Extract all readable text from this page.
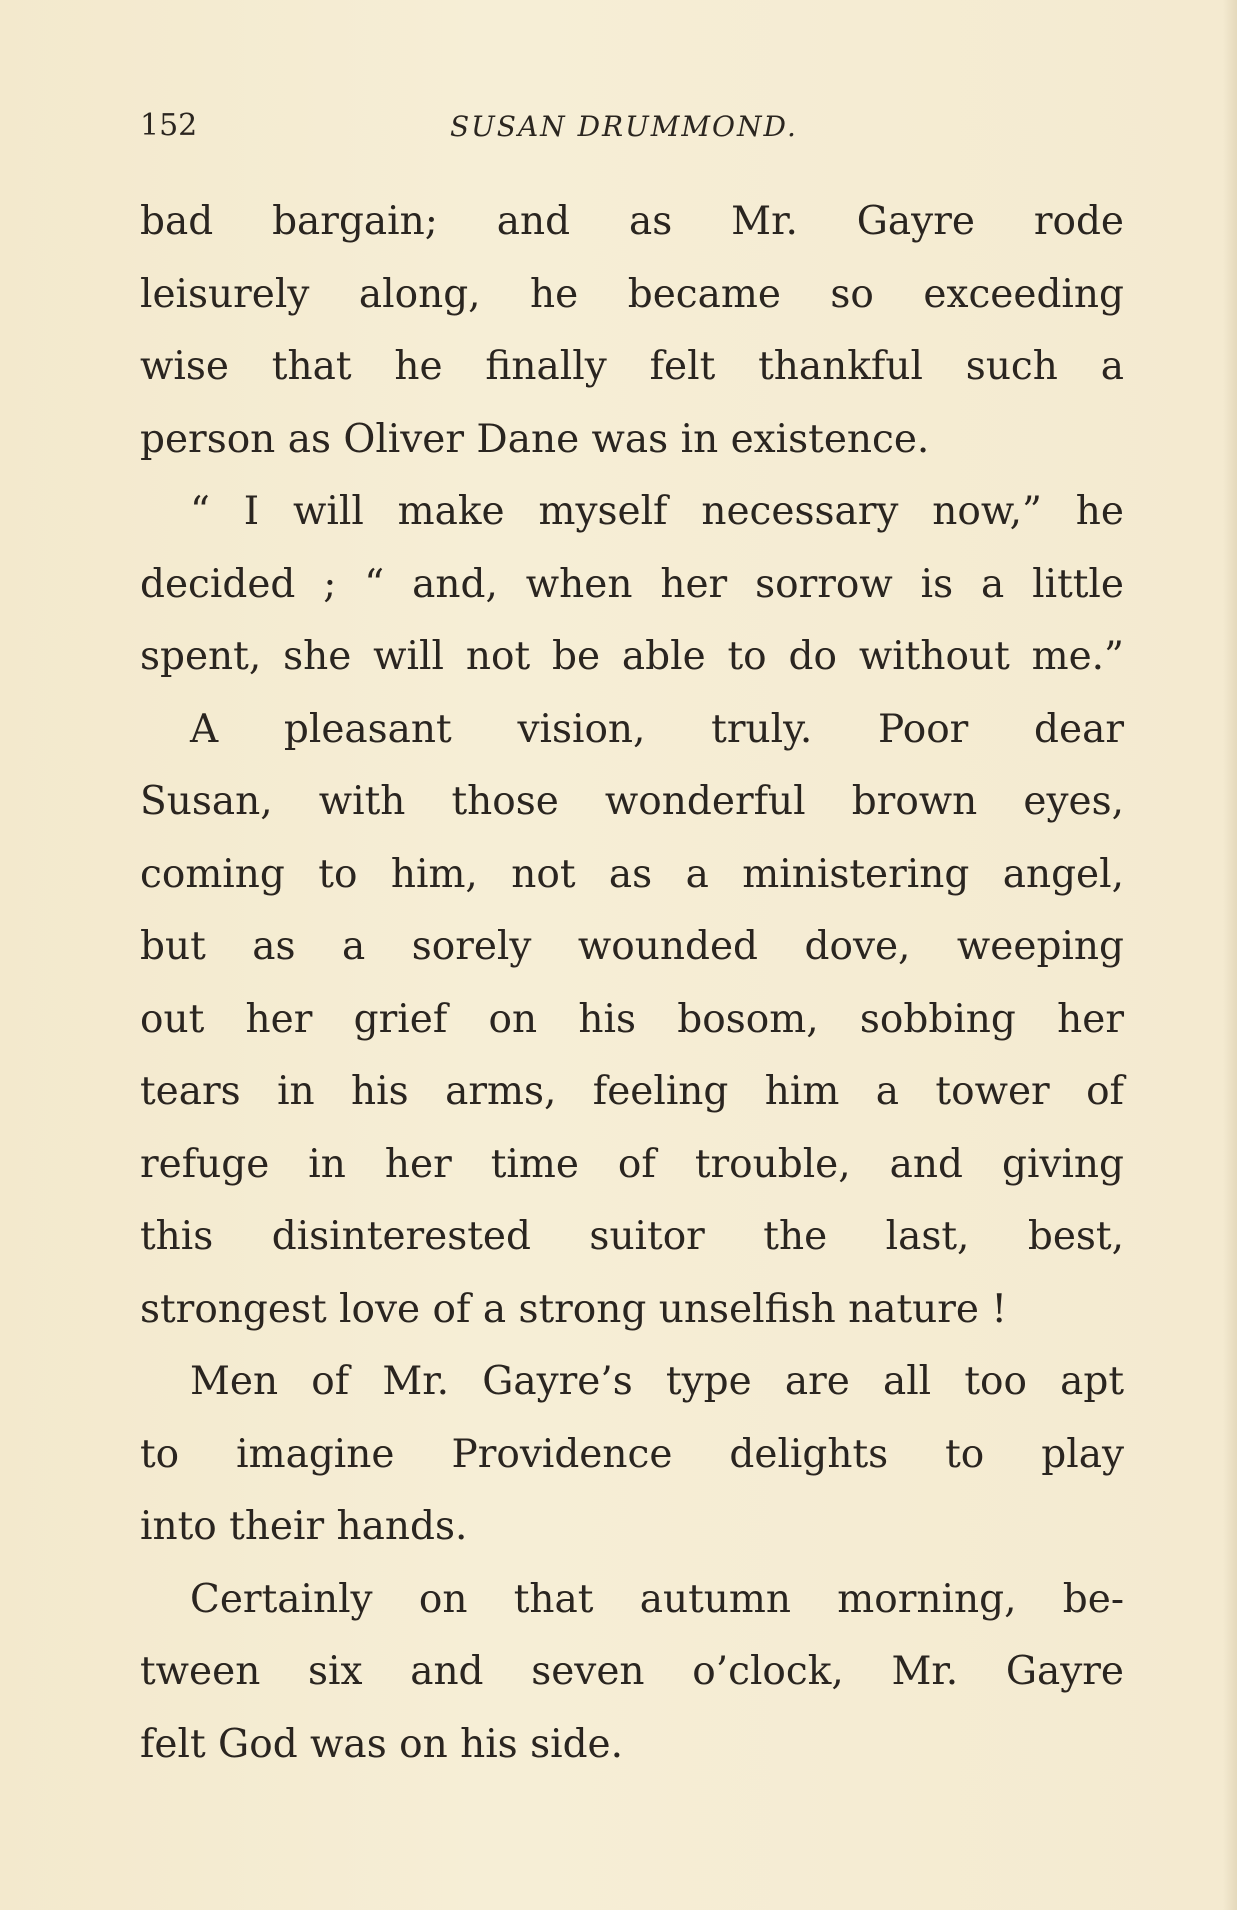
152	SUSAN DRUMMOND.
bad bargain; and as Mr. Gayre rode
leisurely along, he became so exceeding
wise that he finally felt thankful such a
person as Oliver Dane was in existence.
“ I will make myself necessary now,” he
decided ; “ and, when her sorrow is a little
spent, she will not be able to do without me.”
A pleasant vision, truly. Poor dear
Susan, with those wonderful brown eyes,
coming to him, not as a ministering angel,
but as a sorely wounded dove, weeping
out her grief on his bosom, sobbing her
tears in his arms, feeling him a tower of
refuge in her time of trouble, and giving
this disinterested suitor the last, best,
strongest love of a strong unselfish nature !
Men of Mr. Gayre’s type are all too apt
to imagine Providence delights to play
into their hands.
Certainly on that autumn morning, be-
tween six and seven o’clock, Mr. Gayre
felt God was on his side.
